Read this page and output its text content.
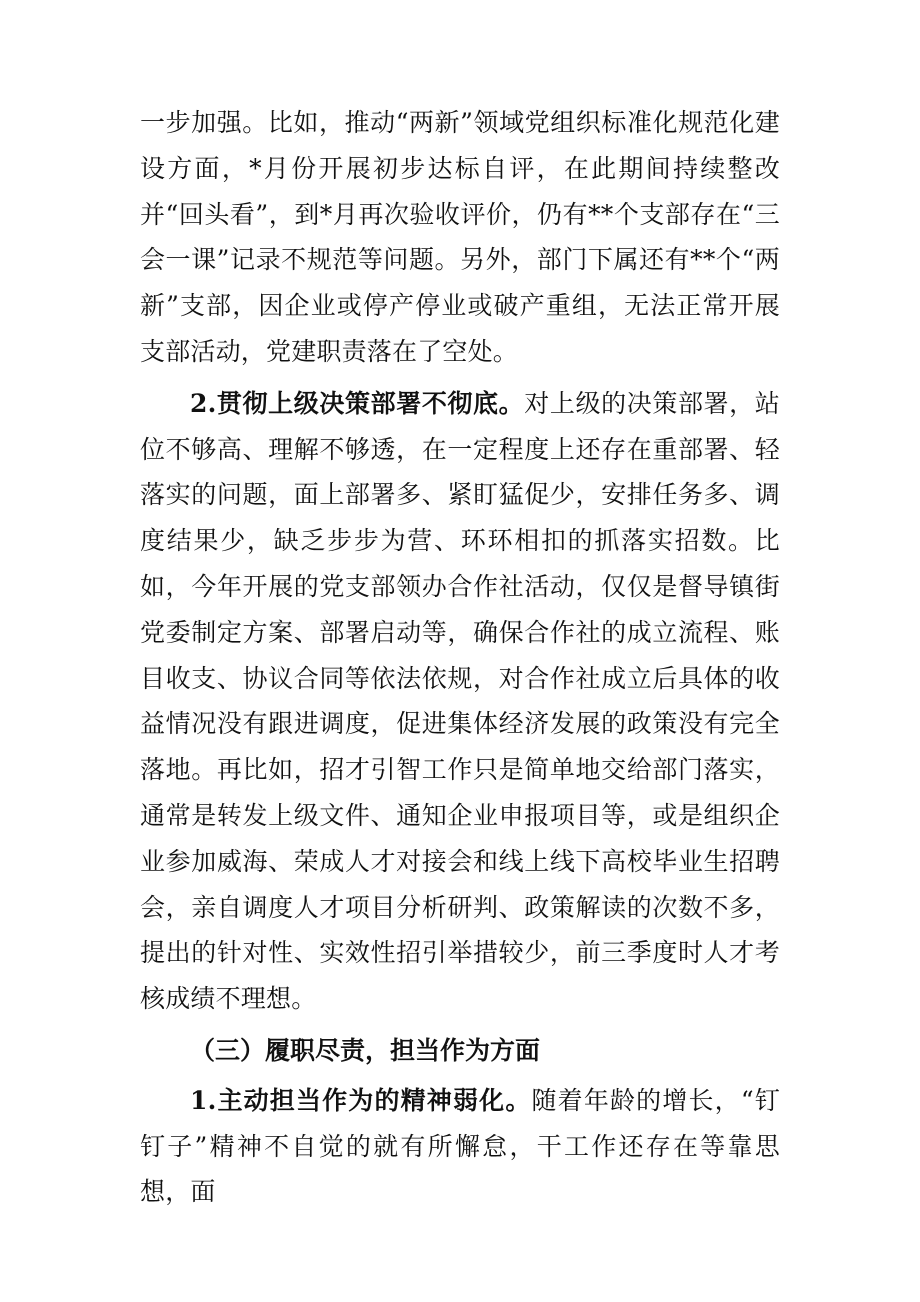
一步加强。比如，推动“两新”领域党组织标准化规范化建设方面，*月份开展初步达标自评，在此期间持续整改并“回头看”，到*月再次验收评价，仍有**个支部存在“三会一课”记录不规范等问题。另外，部门下属还有**个“两新”支部，因企业或停产停业或破产重组，无法正常开展支部活动，党建职责落在了空处。

2.贯彻上级决策部署不彻底。对上级的决策部署，站位不够高、理解不够透，在一定程度上还存在重部署、轻落实的问题，面上部署多、紧盯猛促少，安排任务多、调度结果少，缺乏步步为营、环环相扣的抓落实招数。比如，今年开展的党支部领办合作社活动，仅仅是督导镇街党委制定方案、部署启动等，确保合作社的成立流程、账目收支、协议合同等依法依规，对合作社成立后具体的收益情况没有跟进调度，促进集体经济发展的政策没有完全落地。再比如，招才引智工作只是简单地交给部门落实，通常是转发上级文件、通知企业申报项目等，或是组织企业参加威海、荣成人才对接会和线上线下高校毕业生招聘会，亲自调度人才项目分析研判、政策解读的次数不多，提出的针对性、实效性招引举措较少，前三季度时人才考核成绩不理想。

（三）履职尽责，担当作为方面

1.主动担当作为的精神弱化。随着年龄的增长，“钉钉子”精神不自觉的就有所懈怠，干工作还存在等靠思想，面
